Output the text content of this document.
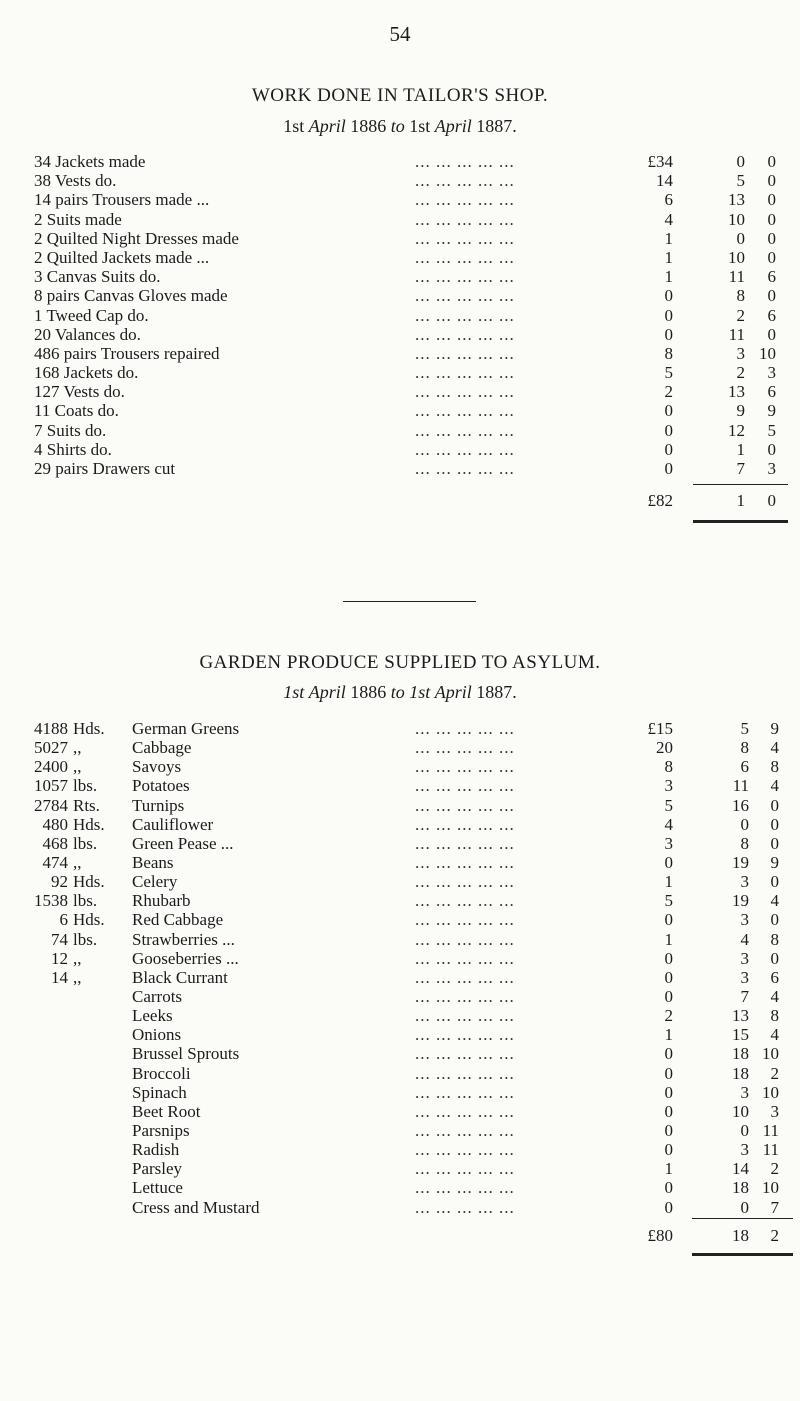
54
WORK DONE IN TAILOR'S SHOP.
1st April 1886 to 1st April 1887.
34 Jackets made	... ... ... ... ...	£34	0 0
38 Vests do.	... ... ... ... ...	14	5 0
14 pairs Trousers made ...	... ... ... ... ...	6	13 0
2 Suits made	... ... ... ... ...	4	10 0
2 Quilted Night Dresses made	... ... ... ... ...	1	0 0
2 Quilted Jackets made ...	... ... ... ... ...	1	10 0
3 Canvas Suits do.	... ... ... ... ...	1	11 6
8 pairs Canvas Gloves made	... ... ... ... ...	0	8 0
1 Tweed Cap do.	... ... ... ... ...	0	2 6
20 Valances do.	... ... ... ... ...	0	11 0
486 pairs Trousers repaired	... ... ... ... ...	8	3 10
168 Jackets do.	... ... ... ... ...	5	2 3
127 Vests do.	... ... ... ... ...	2	13 6
11 Coats do.	... ... ... ... ...	0	9 9
7 Suits do.	... ... ... ... ...	0	12 5
4 Shirts do.	... ... ... ... ...	0	1 0
29 pairs Drawers cut	... ... ... ... ...	0	7 3
£82	1 0
GARDEN PRODUCE SUPPLIED TO ASYLUM.
1st April 1886 to 1st April 1887.
4188 Hds. German Greens	... ... ... ... ...	£15	5 9
5027 ,,	Cabbage	... ... ... ... ...	20	8 4
2400 ,,	Savoys	... ... ... ... ...	8	6 8
1057 lbs. Potatoes	... ... ... ... ...	3	11 4
2784 Rts. Turnips	... ... ... ... ...	5	16 0
480 Hds. Cauliflower	... ... ... ... ...	4	0 0
468 lbs. Green Pease ...	... ... ... ... ...	3	8 0
474 ,,	Beans	... ... ... ... ...	0	19 9
92 Hds. Celery	... ... ... ... ...	1	3 0
1538 lbs. Rhubarb	... ... ... ... ...	5	19 4
6 Hds. Red Cabbage	... ... ... ... ...	0	3 0
74 lbs. Strawberries ...	... ... ... ... ...	1	4 8
12 ,,	Gooseberries ...	... ... ... ... ...	0	3 0
14 ,,	Black Currant	... ... ... ... ...	0	3 6
Carrots	... ... ... ... ...	0	7 4
Leeks	... ... ... ... ...	2	13 8
Onions	... ... ... ... ...	1	15 4
Brussel Sprouts	... ... ... ... ...	0	18 10
Broccoli	... ... ... ... ...	0	18 2
Spinach	... ... ... ... ...	0	3 10
Beet Root	... ... ... ... ...	0	10 3
Parsnips	... ... ... ... ...	0	0 11
Radish	... ... ... ... ...	0	3 11
Parsley	... ... ... ... ...	1	14 2
Lettuce	... ... ... ... ...	0	18 10
Cress and Mustard	... ... ... ... ...	0	0 7
£80	18 2
